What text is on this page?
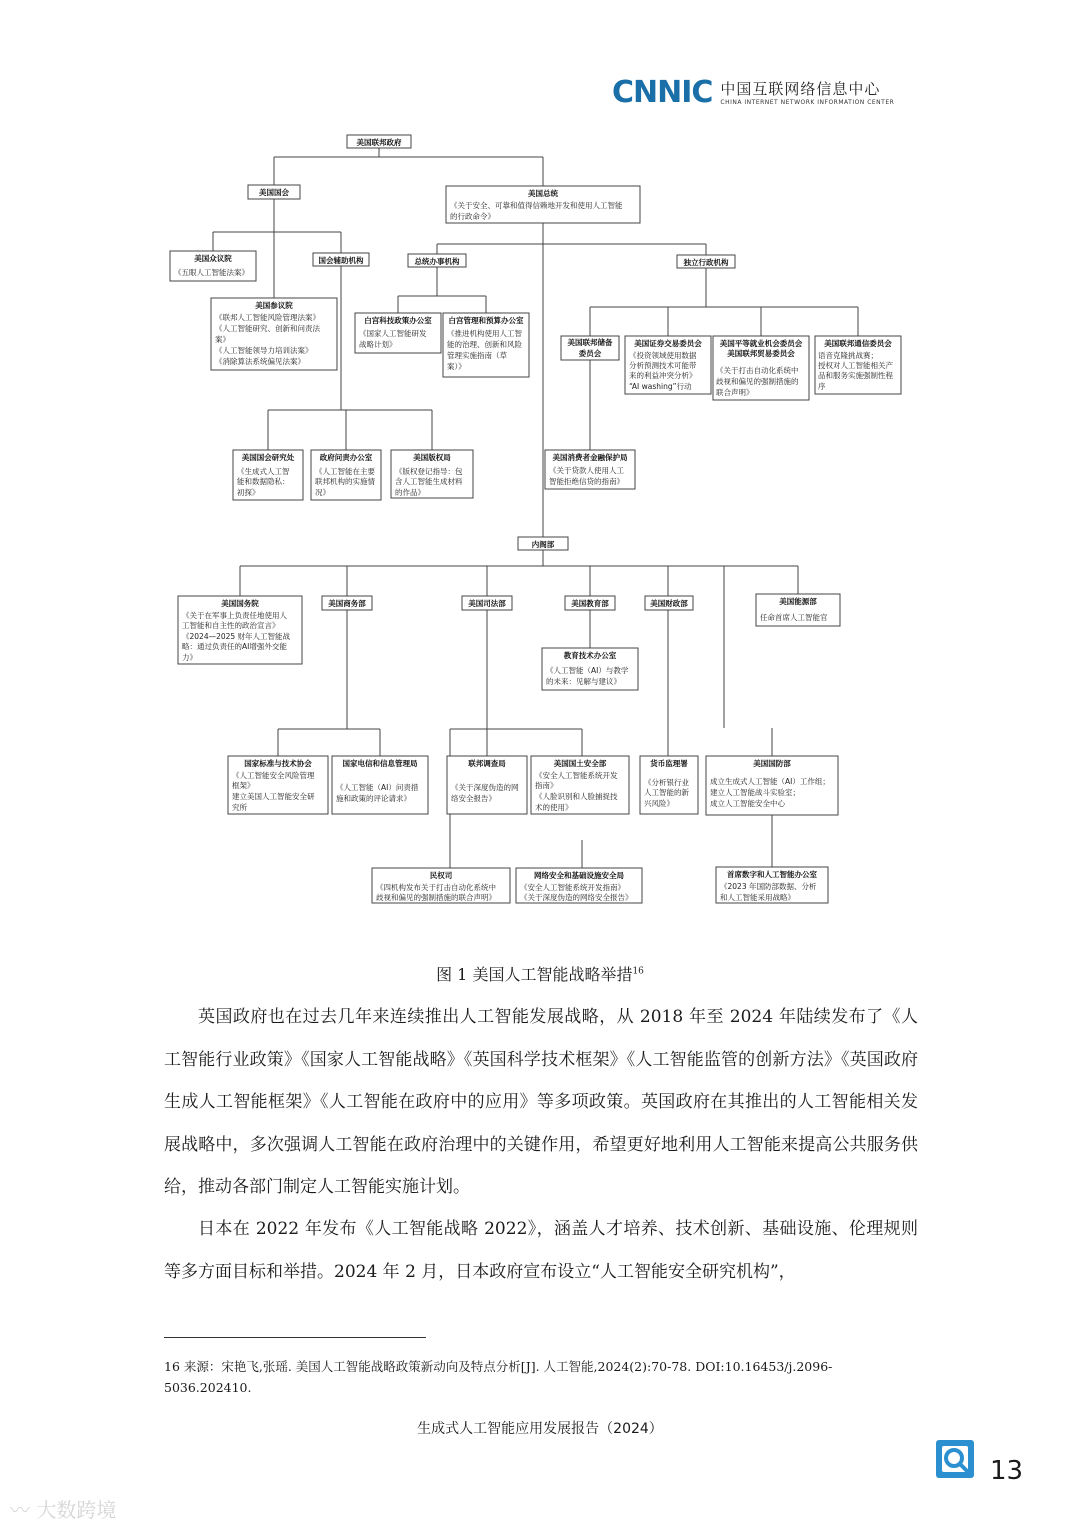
CNNIC 中国互联网络信息中心
CHINA INTERNET NETWORK INFORMATION CENTER
美国联邦政府
美国国会	美国总统
《关于安全、可靠和值得信赖地开发和使用人工智能
的行政命令》
美国众议院
《五眼人工智能法案》
国会辅助机构	总统办事机构	独立行政机构
美国参议院
《联邦人工智能风险管理法案》
《人工智能研究、创新和问责法
案》
《人工智能领导力培训法案》
《消除算法系统偏见法案》
白宫科技政策办公室
《国家人工智能研发
战略计划》
白宫管理和预算办公室
《推进机构使用人工智
能的治理、创新和风险
管理实施指南（草
案）》
美国联邦储备
委员会
美国证券交易委员会
《投资领域使用数据
分析预测技术可能带
来的利益冲突分析》
“AI washing”行动
美国平等就业机会委员会
美国联邦贸易委员会
《关于打击自动化系统中
歧视和偏见的强制措施的
联合声明》
美国联邦通信委员会
语音克隆挑战赛；
授权对人工智能相关产
品和服务实施强制性程
序
美国国会研究处
《生成式人工智
能和数据隐私：
初探》
政府问责办公室
《人工智能在主要
联邦机构的实施情
况》
美国版权局
《版权登记指导：包
含人工智能生成材料
的作品》
美国消费者金融保护局
《关于贷款人使用人工
智能拒绝信贷的指南》
内阁部
美国国务院
《关于在军事上负责任地使用人
工智能和自主性的政治宣言》
《2024—2025 财年人工智能战
略：通过负责任的AI增强外交能
力》
美国商务部	美国司法部	美国教育部	美国财政部	美国能源部
任命首席人工智能官
教育技术办公室
《人工智能（AI）与教学
的未来：见解与建议》
国家标准与技术协会
《人工智能安全风险管理
框架》
建立美国人工智能安全研
究所
国家电信和信息管理局
《人工智能（AI）问责措
施和政策的评论请求》
联邦调查局
《关于深度伪造的网
络安全报告》
美国国土安全部
《安全人工智能系统开发
指南》
《人脸识别和人脸捕捉技
术的使用》
货币监理署
《分析银行业
人工智能的新
兴风险》
美国国防部
成立生成式人工智能（AI）工作组；
建立人工智能战斗实验室；
成立人工智能安全中心
民权司
《四机构发布关于打击自动化系统中
歧视和偏见的强制措施的联合声明》
网络安全和基础设施安全局
《安全人工智能系统开发指南》
《关于深度伪造的网络安全报告》
首席数字和人工智能办公室
《2023 年国防部数据、分析
和人工智能采用战略》
图 1 美国人工智能战略举措$^{16}$
英国政府也在过去几年来连续推出人工智能发展战略，从 2018 年至 2024 年陆续发布了《人工智能行业政策》《国家人工智能战略》《英国科学技术框架》《人工智能监管的创新方法》《英国政府生成人工智能框架》《人工智能在政府中的应用》等多项政策。英国政府在其推出的人工智能相关发展战略中，多次强调人工智能在政府治理中的关键作用，希望更好地利用人工智能来提高公共服务供给，推动各部门制定人工智能实施计划。
日本在 2022 年发布《人工智能战略 2022》，涵盖人才培养、技术创新、基础设施、伦理规则等多方面目标和举措。2024 年 2 月，日本政府宣布设立“人工智能安全研究机构”，
16 来源：宋艳飞,张瑶. 美国人工智能战略政策新动向及特点分析[J]. 人工智能,2024(2):70-78. DOI:10.16453/j.2096-5036.202410.
生成式人工智能应用发展报告（2024）
13
〰 大数跨境
